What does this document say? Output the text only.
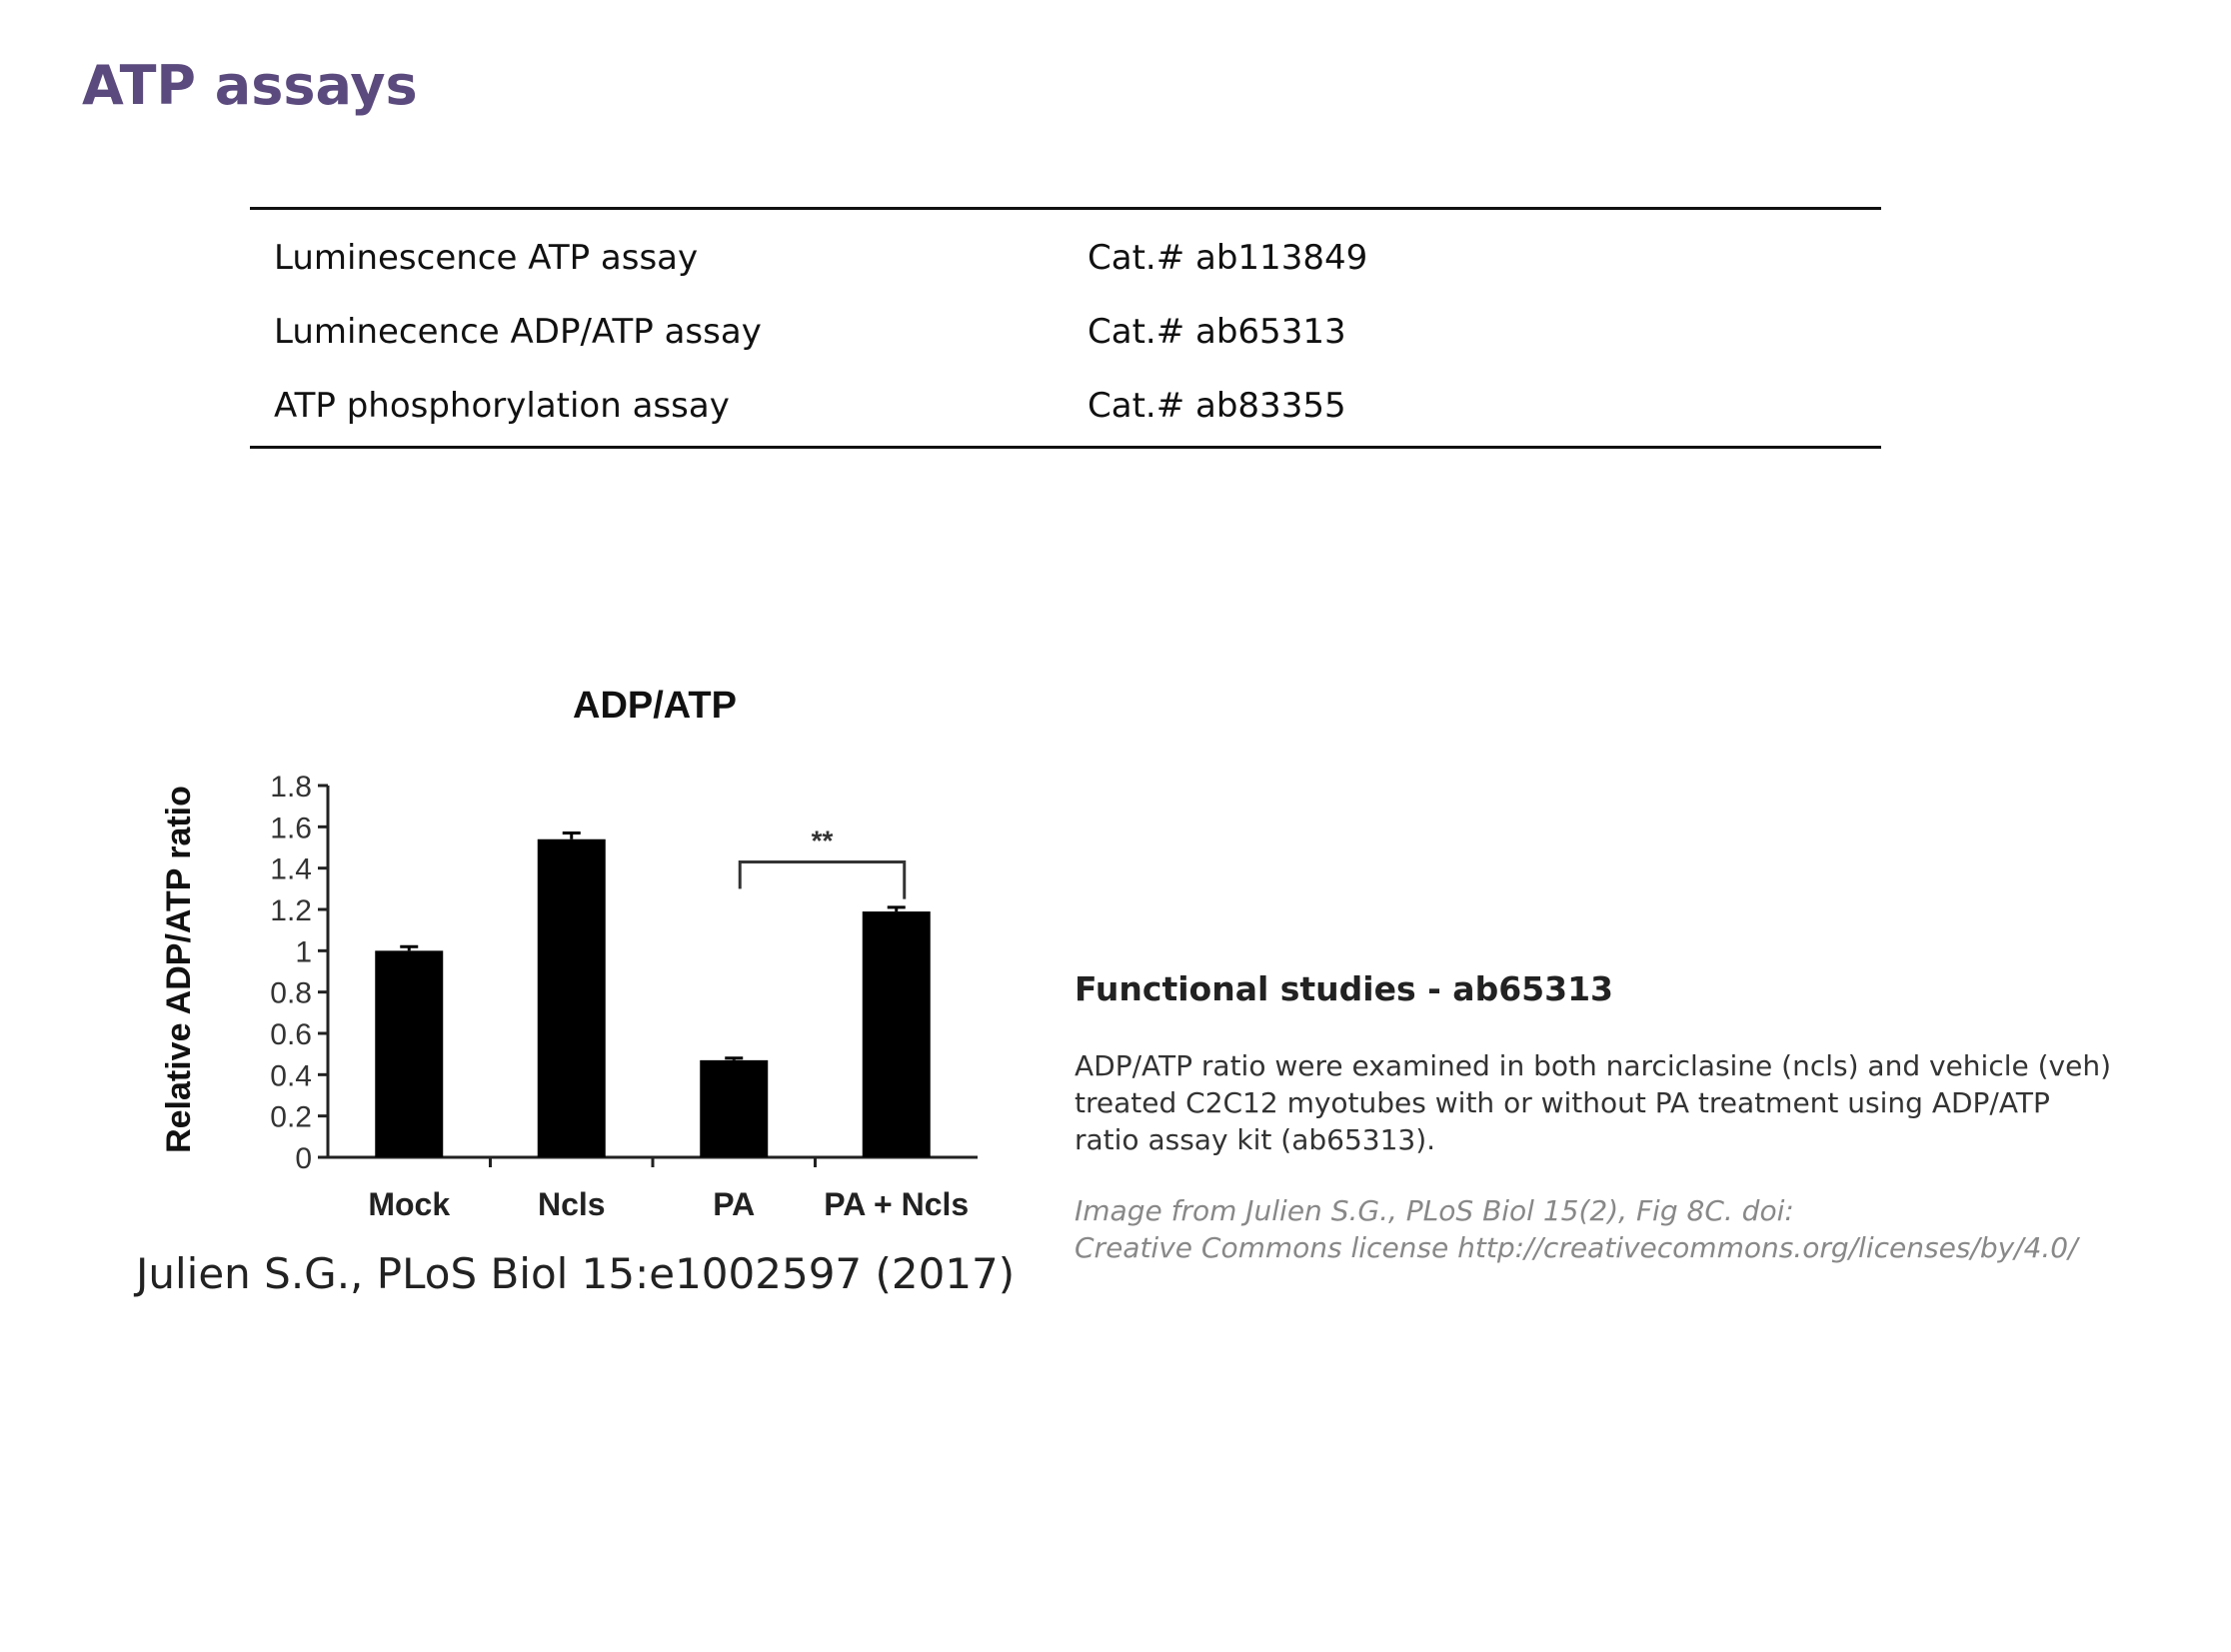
ATP assays
Luminescence ATP assay	Cat.# ab113849
Luminecence ADP/ATP assay	Cat.# ab65313
ATP phosphorylation assay	Cat.# ab83355
ADP/ATP
Relative ADP/ATP ratio
0
0.2
0.4
0.6
0.8
1
1.2
1.4
1.6
1.8
Mock	Ncls	PA PA + Ncls
**
Julien S.G., PLoS Biol 15:e1002597 (2017)
Functional studies - ab65313
ADP/ATP ratio were examined in both narciclasine (ncls) and vehicle (veh)
treated C2C12 myotubes with or without PA treatment using ADP/ATP
ratio assay kit (ab65313).
Image from Julien S.G., PLoS Biol 15(2), Fig 8C. doi:
Creative Commons license http://creativecommons.org/licenses/by/4.0/
